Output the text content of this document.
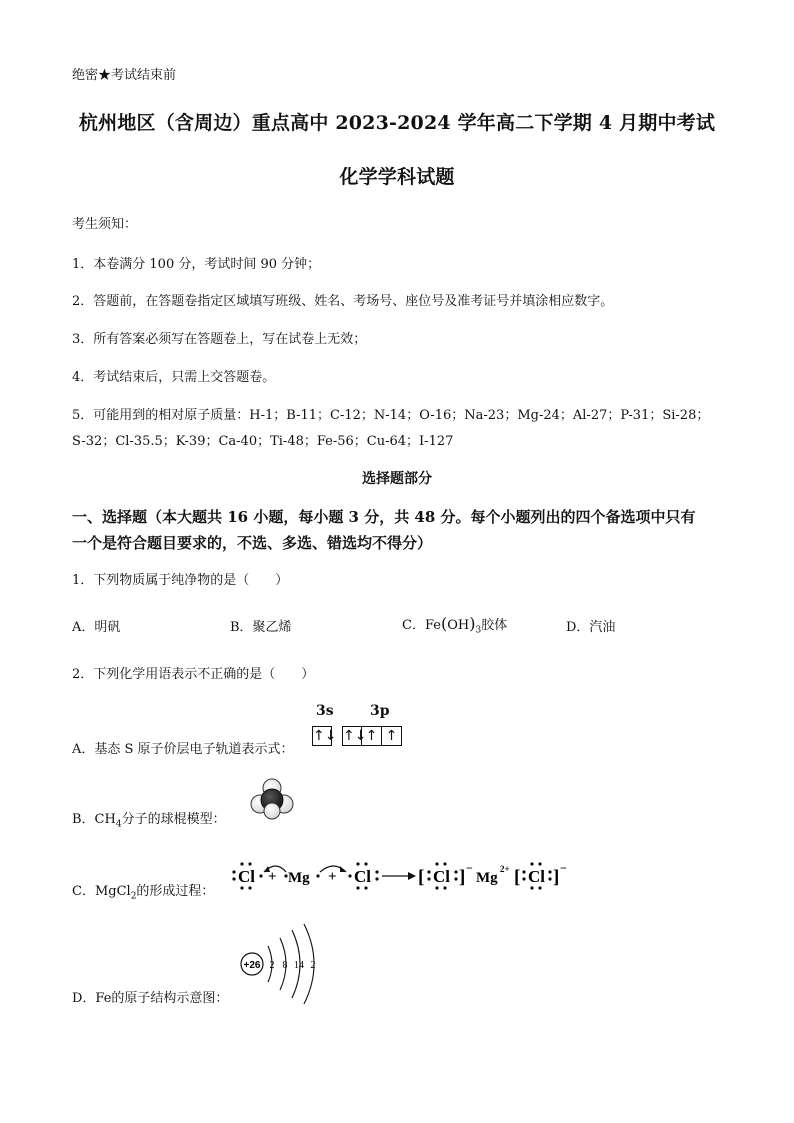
绝密★考试结束前
杭州地区（含周边）重点高中 2023-2024 学年高二下学期 4 月期中考试
化学学科试题
考生须知：
1．本卷满分 100 分，考试时间 90 分钟；
2．答题前，在答题卷指定区域填写班级、姓名、考场号、座位号及准考证号并填涂相应数字。
3．所有答案必须写在答题卷上，写在试卷上无效；
4．考试结束后，只需上交答题卷。
5．可能用到的相对原子质量：H-1；B-11；C-12；N-14；O-16；Na-23；Mg-24；Al-27；P-31；Si-28；
S-32；Cl-35.5；K-39；Ca-40；Ti-48；Fe-56；Cu-64；I-127
选择题部分
一、选择题（本大题共 16 小题，每小题 3 分，共 48 分。每个小题列出的四个备选项中只有
一个是符合题目要求的，不选、多选、错选均不得分）
1．下列物质属于纯净物的是（　　）
A．明矾	B．聚乙烯	C．$Fe(OH)_3$胶体	D．汽油
2．下列化学用语表示不正确的是（　　）
A．基态 S 原子价层电子轨道表示式：
3s	3p
↑↓ ↑↓ ↑ ↑
B．$CH_4$分子的球棍模型：
C．MgCl$_2$的形成过程：
Cl + Mg + Cl [ Cl ] −
Mg
2+ [ Cl ] −
D．Fe的原子结构示意图：
+26 2 8 14 2
